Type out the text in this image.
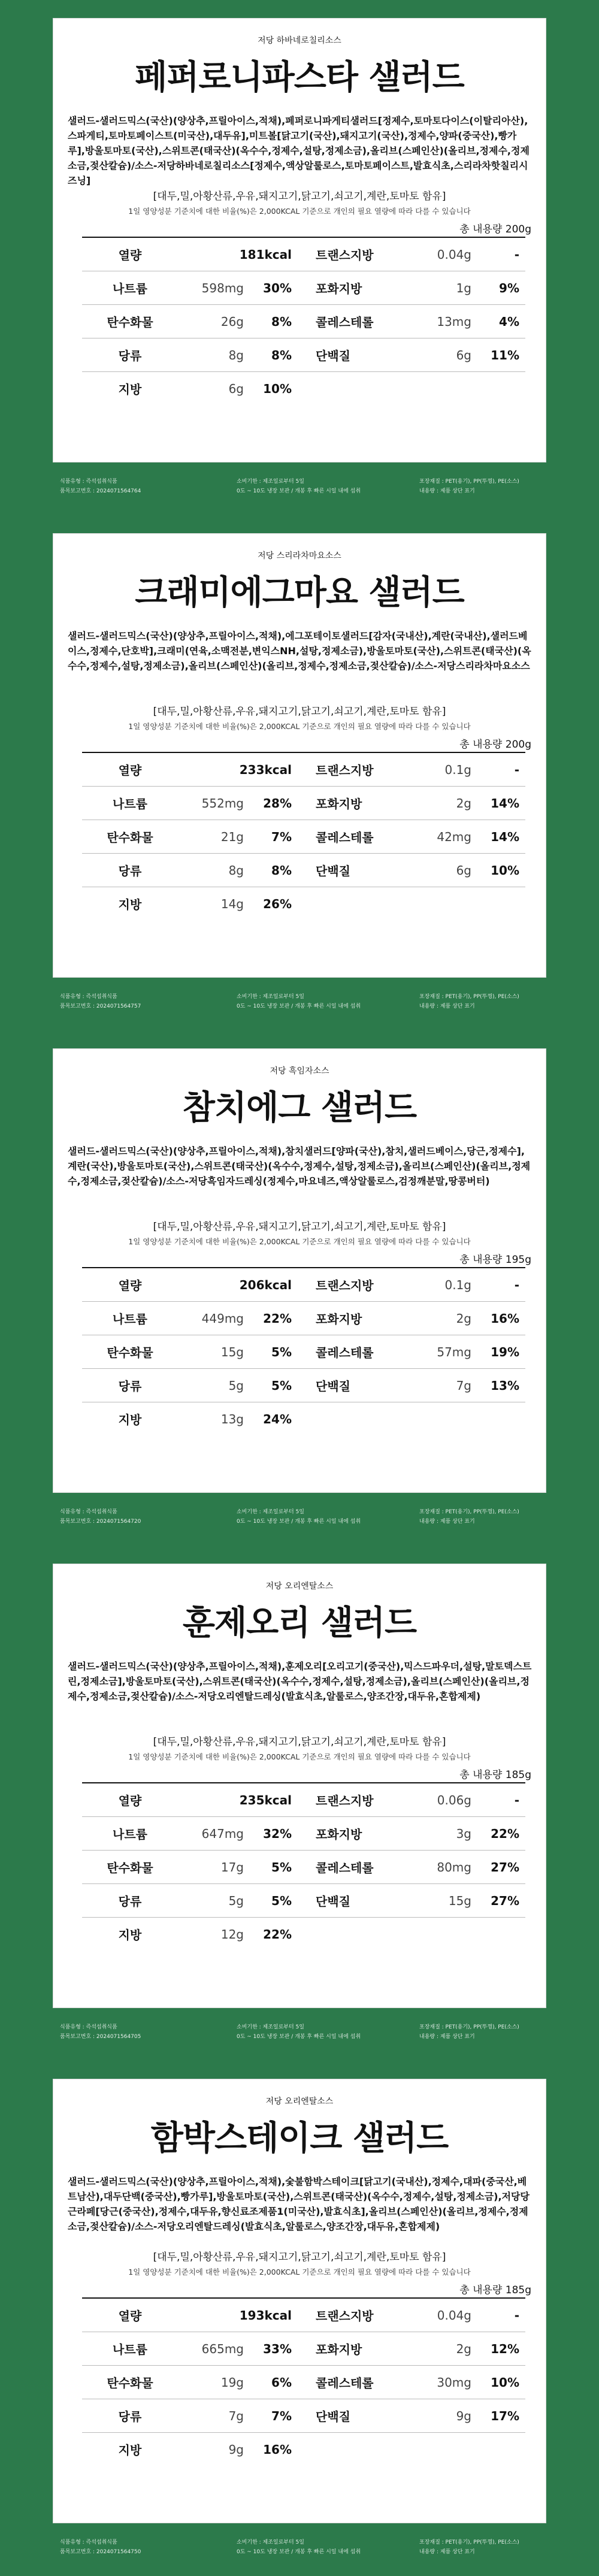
저당 하바네로칠리소스
페퍼로니파스타 샐러드
샐러드-샐러드믹스(국산)(양상추,프릴아이스,적채),페퍼로니파게티샐러드[정제수,토마토다이스(이탈리아산),스파게티,토마토페이스트(미국산),대두유],미트볼[닭고기(국산),돼지고기(국산),정제수,양파(중국산),빵가루],방울토마토(국산),스위트콘(태국산)(옥수수,정제수,설탕,정제소금),올리브(스페인산)(올리브,정제수,정제소금,젖산칼슘)/소스-저당하바네로칠리소스[정제수,액상알룰로스,토마토페이스트,발효식초,스리라차핫칠리시즈닝]
[대두,밀,아황산류,우유,돼지고기,닭고기,쇠고기,계란,토마토 함유]
1일 영양성분 기준치에 대한 비율(%)은 2,000KCAL 기준으로 개인의 필요 열량에 따라 다를 수 있습니다
총 내용량 200g
열량	181kcal	트랜스지방	0.04g	-
나트륨	598mg	30%	포화지방	1g	9%
탄수화물	26g	8%	콜레스테롤	13mg	4%
당류	8g	8%	단백질	6g	11%
지방	6g	10%
식품유형 : 즉석섭취식품
품목보고번호 : 2024071564764
소비기한 : 제조일로부터 5일
0도 ~ 10도 냉장 보관 / 개봉 후 빠른 시일 내에 섭취
포장재질 : PET(용기), PP(뚜껑), PE(소스)
내용량 : 제품 상단 표기
저당 스리라차마요소스
크래미에그마요 샐러드
샐러드-샐러드믹스(국산)(양상추,프릴아이스,적채),에그포테이토샐러드[감자(국내산),계란(국내산),샐러드베이스,정제수,단호박],크래미(연육,소맥전분,변익스NH,설탕,정제소금),방울토마토(국산),스위트콘(태국산)(옥수수,정제수,설탕,정제소금),올리브(스페인산)(올리브,정제수,정제소금,젖산칼슘)/소스-저당스리라차마요소스
[대두,밀,아황산류,우유,돼지고기,닭고기,쇠고기,계란,토마토 함유]
1일 영양성분 기준치에 대한 비율(%)은 2,000KCAL 기준으로 개인의 필요 열량에 따라 다를 수 있습니다
총 내용량 200g
열량	233kcal	트랜스지방	0.1g	-
나트륨	552mg	28%	포화지방	2g	14%
탄수화물	21g	7%	콜레스테롤	42mg	14%
당류	8g	8%	단백질	6g	10%
지방	14g	26%
식품유형 : 즉석섭취식품
품목보고번호 : 2024071564757
소비기한 : 제조일로부터 5일
0도 ~ 10도 냉장 보관 / 개봉 후 빠른 시일 내에 섭취
포장재질 : PET(용기), PP(뚜껑), PE(소스)
내용량 : 제품 상단 표기
저당 흑임자소스
참치에그 샐러드
샐러드-샐러드믹스(국산)(양상추,프릴아이스,적채),참치샐러드[양파(국산),참치,샐러드베이스,당근,정제수],계란(국산),방울토마토(국산),스위트콘(태국산)(옥수수,정제수,설탕,정제소금),올리브(스페인산)(올리브,정제수,정제소금,젖산칼슘)/소스-저당흑임자드레싱(정제수,마요네즈,액상알룰로스,검정깨분말,땅콩버터)
[대두,밀,아황산류,우유,돼지고기,닭고기,쇠고기,계란,토마토 함유]
1일 영양성분 기준치에 대한 비율(%)은 2,000KCAL 기준으로 개인의 필요 열량에 따라 다를 수 있습니다
총 내용량 195g
열량	206kcal	트랜스지방	0.1g	-
나트륨	449mg	22%	포화지방	2g	16%
탄수화물	15g	5%	콜레스테롤	57mg	19%
당류	5g	5%	단백질	7g	13%
지방	13g	24%
식품유형 : 즉석섭취식품
품목보고번호 : 2024071564720
소비기한 : 제조일로부터 5일
0도 ~ 10도 냉장 보관 / 개봉 후 빠른 시일 내에 섭취
포장재질 : PET(용기), PP(뚜껑), PE(소스)
내용량 : 제품 상단 표기
저당 오리엔탈소스
훈제오리 샐러드
샐러드-샐러드믹스(국산)(양상추,프릴아이스,적채),훈제오리[오리고기(중국산),믹스드파우더,설탕,말토덱스트린,정제소금],방울토마토(국산),스위트콘(태국산)(옥수수,정제수,설탕,정제소금),올리브(스페인산)(올리브,정제수,정제소금,젖산칼슘)/소스-저당오리엔탈드레싱(발효식초,알룰로스,양조간장,대두유,혼합제제)
[대두,밀,아황산류,우유,돼지고기,닭고기,쇠고기,계란,토마토 함유]
1일 영양성분 기준치에 대한 비율(%)은 2,000KCAL 기준으로 개인의 필요 열량에 따라 다를 수 있습니다
총 내용량 185g
열량	235kcal	트랜스지방	0.06g	-
나트륨	647mg	32%	포화지방	3g	22%
탄수화물	17g	5%	콜레스테롤	80mg	27%
당류	5g	5%	단백질	15g	27%
지방	12g	22%
식품유형 : 즉석섭취식품
품목보고번호 : 2024071564705
소비기한 : 제조일로부터 5일
0도 ~ 10도 냉장 보관 / 개봉 후 빠른 시일 내에 섭취
포장재질 : PET(용기), PP(뚜껑), PE(소스)
내용량 : 제품 상단 표기
저당 오리엔탈소스
함박스테이크 샐러드
샐러드-샐러드믹스(국산)(양상추,프릴아이스,적채),숯불함박스테이크[닭고기(국내산),정제수,대파(중국산,베트남산),대두단백(중국산),빵가루],방울토마토(국산),스위트콘(태국산)(옥수수,정제수,설탕,정제소금),저당당근라페[당근(중국산),정제수,대두유,향신료조제품1(미국산),발효식초],올리브(스페인산)(올리브,정제수,정제소금,젖산칼슘)/소스-저당오리엔탈드레싱(발효식초,알룰로스,양조간장,대두유,혼합제제)
[대두,밀,아황산류,우유,돼지고기,닭고기,쇠고기,계란,토마토 함유]
1일 영양성분 기준치에 대한 비율(%)은 2,000KCAL 기준으로 개인의 필요 열량에 따라 다를 수 있습니다
총 내용량 185g
열량	193kcal	트랜스지방	0.04g	-
나트륨	665mg	33%	포화지방	2g	12%
탄수화물	19g	6%	콜레스테롤	30mg	10%
당류	7g	7%	단백질	9g	17%
지방	9g	16%
식품유형 : 즉석섭취식품
품목보고번호 : 2024071564750
소비기한 : 제조일로부터 5일
0도 ~ 10도 냉장 보관 / 개봉 후 빠른 시일 내에 섭취
포장재질 : PET(용기), PP(뚜껑), PE(소스)
내용량 : 제품 상단 표기
